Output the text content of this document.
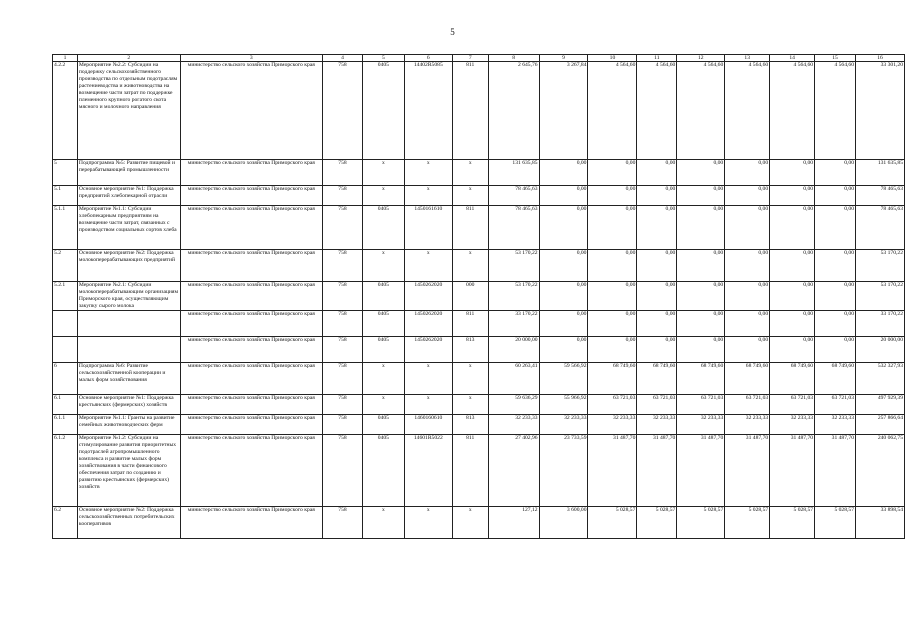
5
1	2	3	4	5	6	7	8	9	10	11	12	13	14	15	16
4.2.2	Мероприятие №2.2: Субсидии на поддержку сельскохозяйственного производства по отдельным подотраслям растениеводства и животноводства на возмещение части затрат по поддержке племенного крупного рогатого скота мясного и молочного направления	министерство сельского хозяйства Приморского края	758	0405	14402R5085	811	2 645,76	3 267,84	4 564,60	4 564,60	4 564,60	4 564,60	4 564,60	4 564,60	33 301,20
5	Подпрограмма №5: Развитие пищевой и перерабатывающей промышленности	министерство сельского хозяйства Приморского края	758	x	x	x	131 635,85	0,00	0,00	0,00	0,00	0,00	0,00	0,00	131 635,85
5.1	Основное мероприятие №1: Поддержка предприятий хлебопекарной отрасли	министерство сельского хозяйства Приморского края	758	x	x	x	78 465,63	0,00	0,00	0,00	0,00	0,00	0,00	0,00	78 465,63
5.1.1	Мероприятие №1.1: Субсидии хлебопекарным предприятиям на возмещение части затрат, связанных с производством социальных сортов хлеба	министерство сельского хозяйства Приморского края	758	0405	1450161610	811	78 465,63	0,00	0,00	0,00	0,00	0,00	0,00	0,00	78 465,63
5.2	Основное мероприятие №2: Поддержка молокоперерабатывающих предприятий	министерство сельского хозяйства Приморского края	758	x	x	x	53 170,22	0,00	0,00	0,00	0,00	0,00	0,00	0,00	53 170,22
5.2.1	Мероприятие №2.1: Субсидии молокоперерабатывающим организациям Приморского края, осуществляющим закупку сырого молока	министерство сельского хозяйства Приморского края	758	0405	1450262020	000	53 170,22	0,00	0,00	0,00	0,00	0,00	0,00	0,00	53 170,22
		министерство сельского хозяйства Приморского края	758	0405	1450262020	811	33 170,22	0,00	0,00	0,00	0,00	0,00	0,00	0,00	33 170,22
		министерство сельского хозяйства Приморского края	758	0405	1450262020	813	20 000,00	0,00	0,00	0,00	0,00	0,00	0,00	0,00	20 000,00
6	Подпрограмма №6: Развитие сельскохозяйственной кооперации и малых форм хозяйствования	министерство сельского хозяйства Приморского края	758	x	x	x	60 263,41	59 566,92	68 749,60	68 749,60	68 749,60	68 749,60	68 749,60	68 749,60	532 327,93
6.1	Основное мероприятие №1: Поддержка крестьянских (фермерских) хозяйств	министерство сельского хозяйства Приморского края	758	x	x	x	59 636,29	55 966,92	63 721,03	63 721,03	63 721,03	63 721,03	63 721,03	63 721,03	497 929,39
6.1.1	Мероприятие №1.1: Гранты на развитие семейных животноводческих ферм	министерство сельского хозяйства Приморского края	758	0405	1460160610	813	32 233,33	32 233,33	32 233,33	32 233,33	32 233,33	32 233,33	32 233,33	32 233,33	257 866,64
6.1.2	Мероприятие №1.2: Субсидии на стимулирование развития приоритетных подотраслей агропромышленного комплекса и развитие малых форм хозяйствования в части финансового обеспечения затрат по созданию и развитию крестьянских (фермерских) хозяйств	министерство сельского хозяйства Приморского края	758	0405	14601R5022	811	27 402,96	23 733,59	31 487,70	31 487,70	31 487,70	31 487,70	31 487,70	31 487,70	240 062,75
6.2	Основное мероприятие №2: Поддержка сельскохозяйственных потребительских кооперативов	министерство сельского хозяйства Приморского края	758	x	x	x	127,12	3 600,00	5 028,57	5 028,57	5 028,57	5 028,57	5 028,57	5 028,57	33 898,54
